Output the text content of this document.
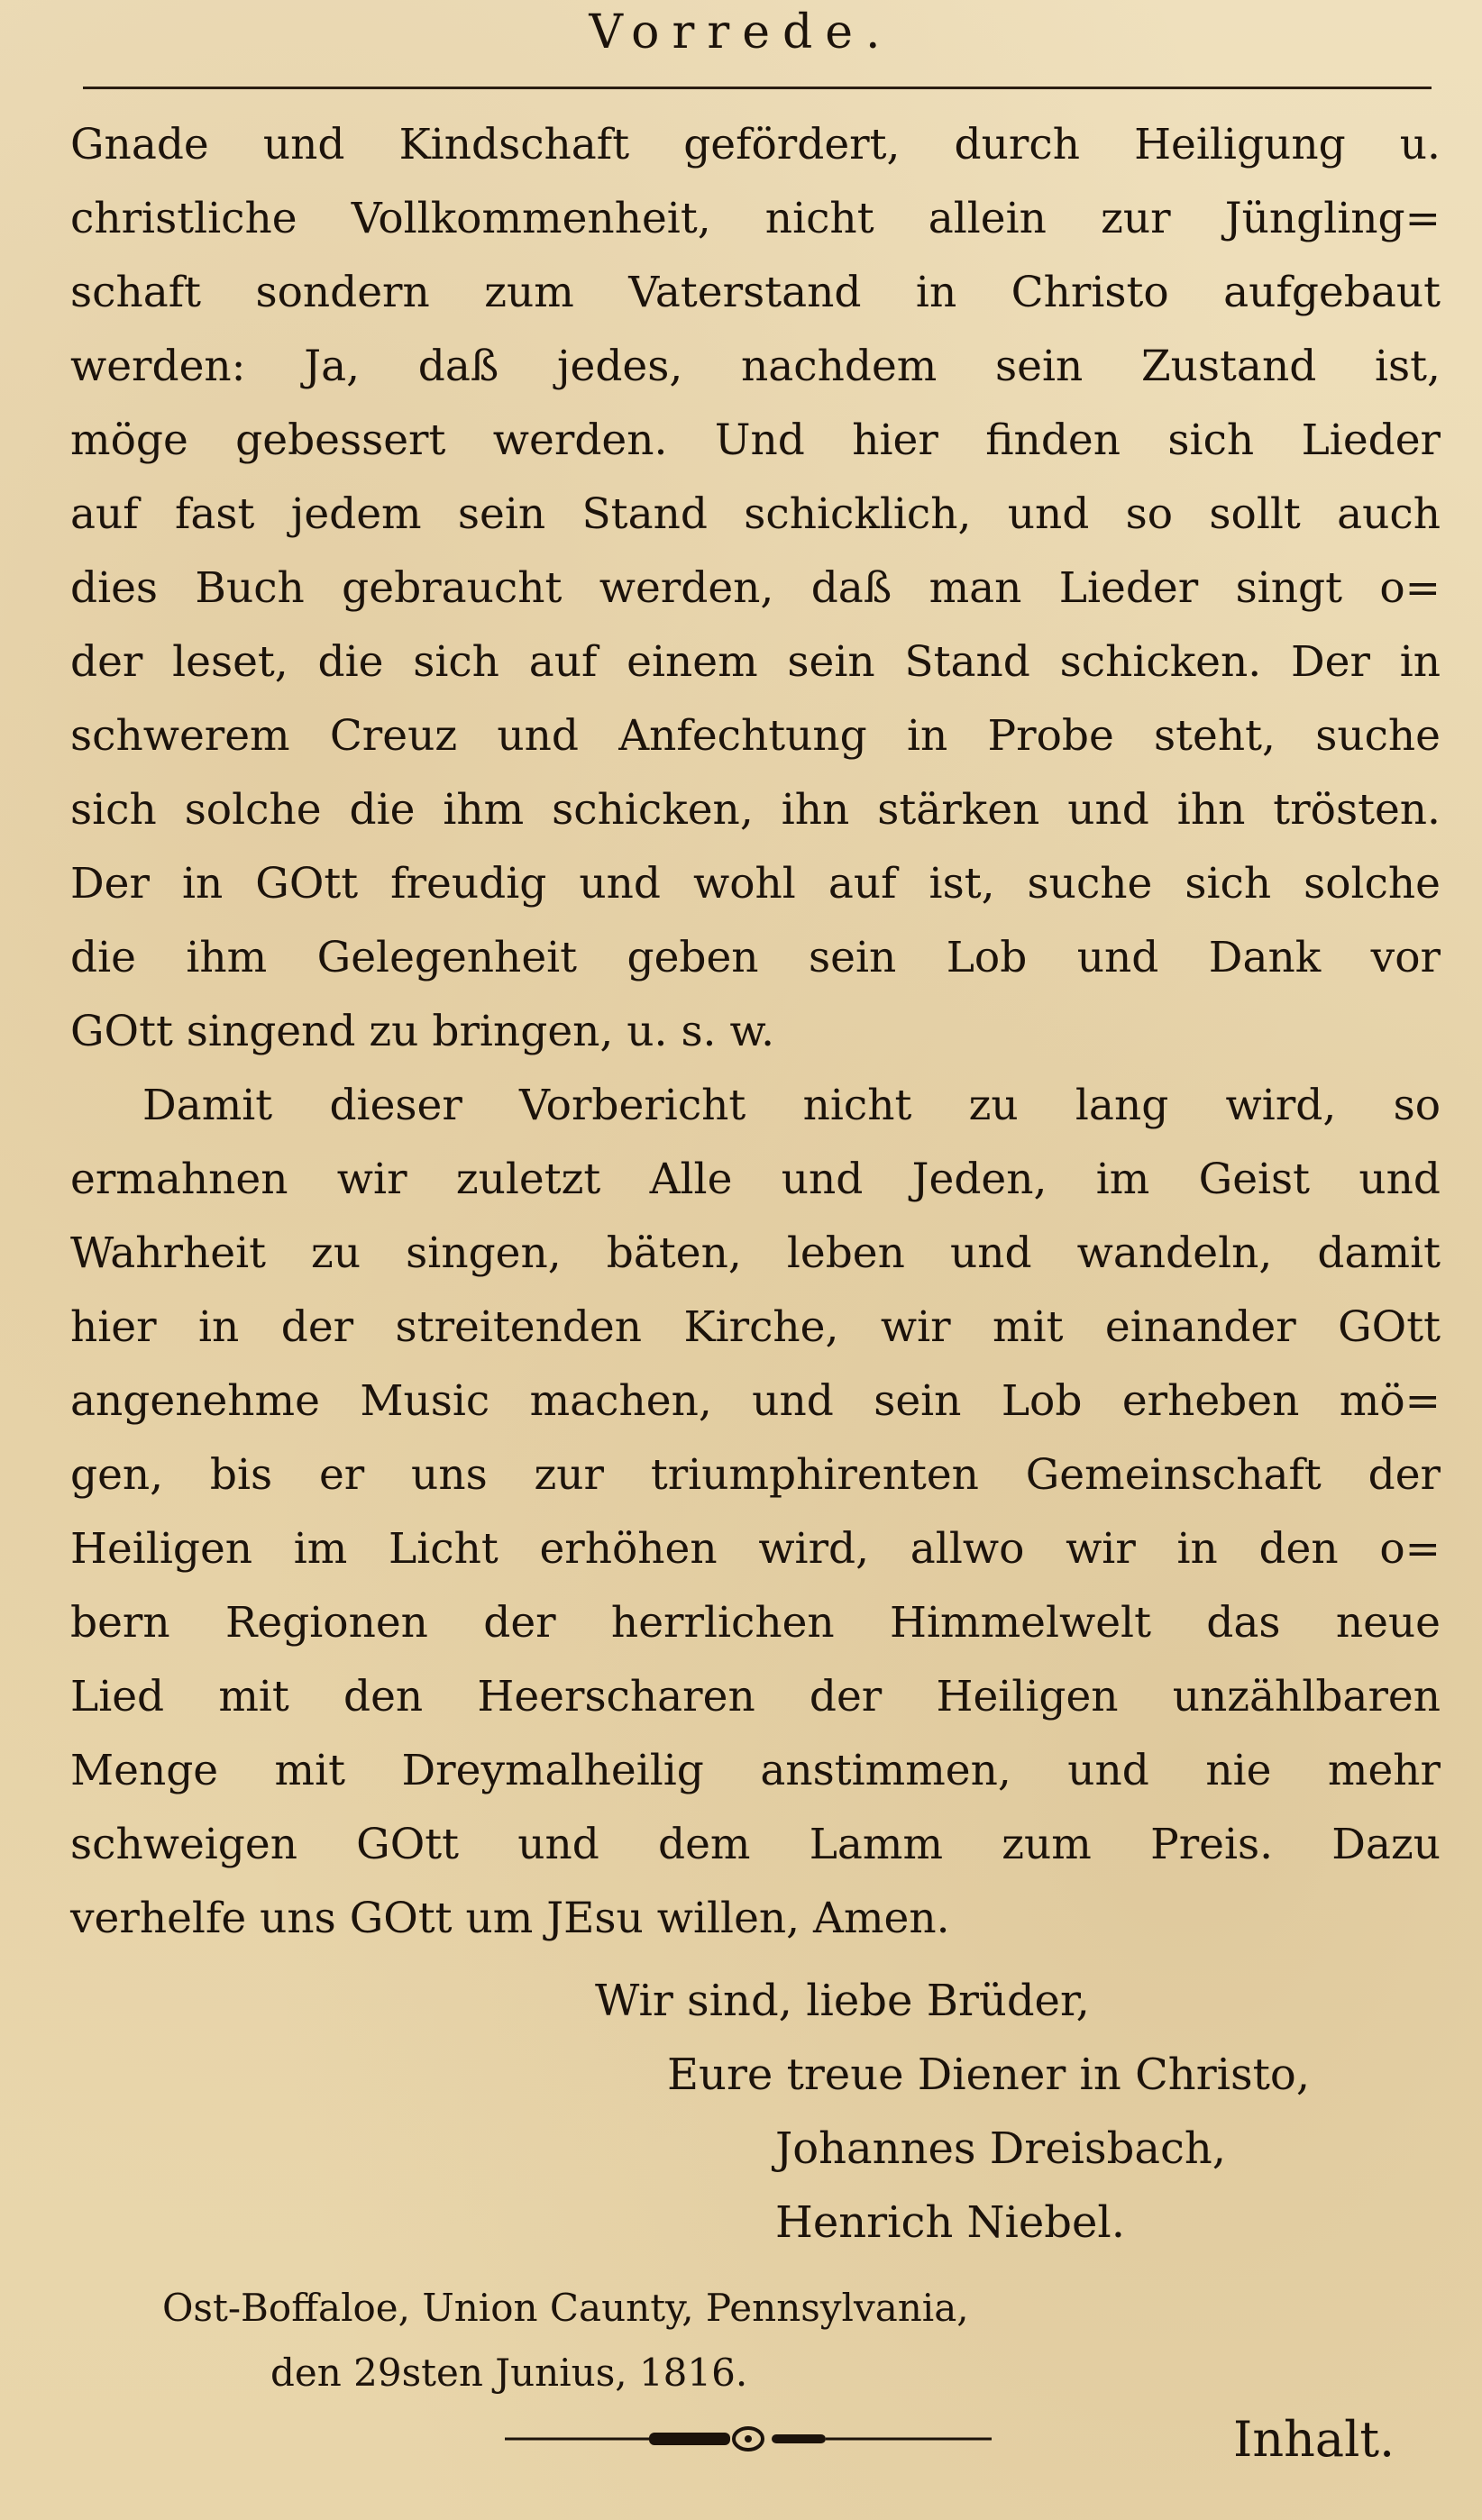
Vorrede.
Gnade und Kindschaft gefördert, durch Heiligung u.
christliche Vollkommenheit, nicht allein zur Jüngling=
schaft sondern zum Vaterstand in Christo aufgebaut
werden: Ja, daß jedes, nachdem sein Zustand ist,
möge gebessert werden. Und hier finden sich Lieder
auf fast jedem sein Stand schicklich, und so sollt auch
dies Buch gebraucht werden, daß man Lieder singt o=
der leset, die sich auf einem sein Stand schicken. Der in
schwerem Creuz und Anfechtung in Probe steht, suche
sich solche die ihm schicken, ihn stärken und ihn trösten.
Der in GOtt freudig und wohl auf ist, suche sich solche
die ihm Gelegenheit geben sein Lob und Dank vor
GOtt singend zu bringen, u. s. w.
Damit dieser Vorbericht nicht zu lang wird, so
ermahnen wir zuletzt Alle und Jeden, im Geist und
Wahrheit zu singen, bäten, leben und wandeln, damit
hier in der streitenden Kirche, wir mit einander GOtt
angenehme Music machen, und sein Lob erheben mö=
gen, bis er uns zur triumphirenten Gemeinschaft der
Heiligen im Licht erhöhen wird, allwo wir in den o=
bern Regionen der herrlichen Himmelwelt das neue
Lied mit den Heerscharen der Heiligen unzählbaren
Menge mit Dreymalheilig anstimmen, und nie mehr
schweigen GOtt und dem Lamm zum Preis. Dazu
verhelfe uns GOtt um JEsu willen, Amen.
Wir sind, liebe Brüder,
Eure treue Diener in Christo,
Johannes Dreisbach,
Henrich Niebel.
Ost-Boffaloe, Union Caunty, Pennsylvania,
den 29sten Junius, 1816.
Inhalt.
